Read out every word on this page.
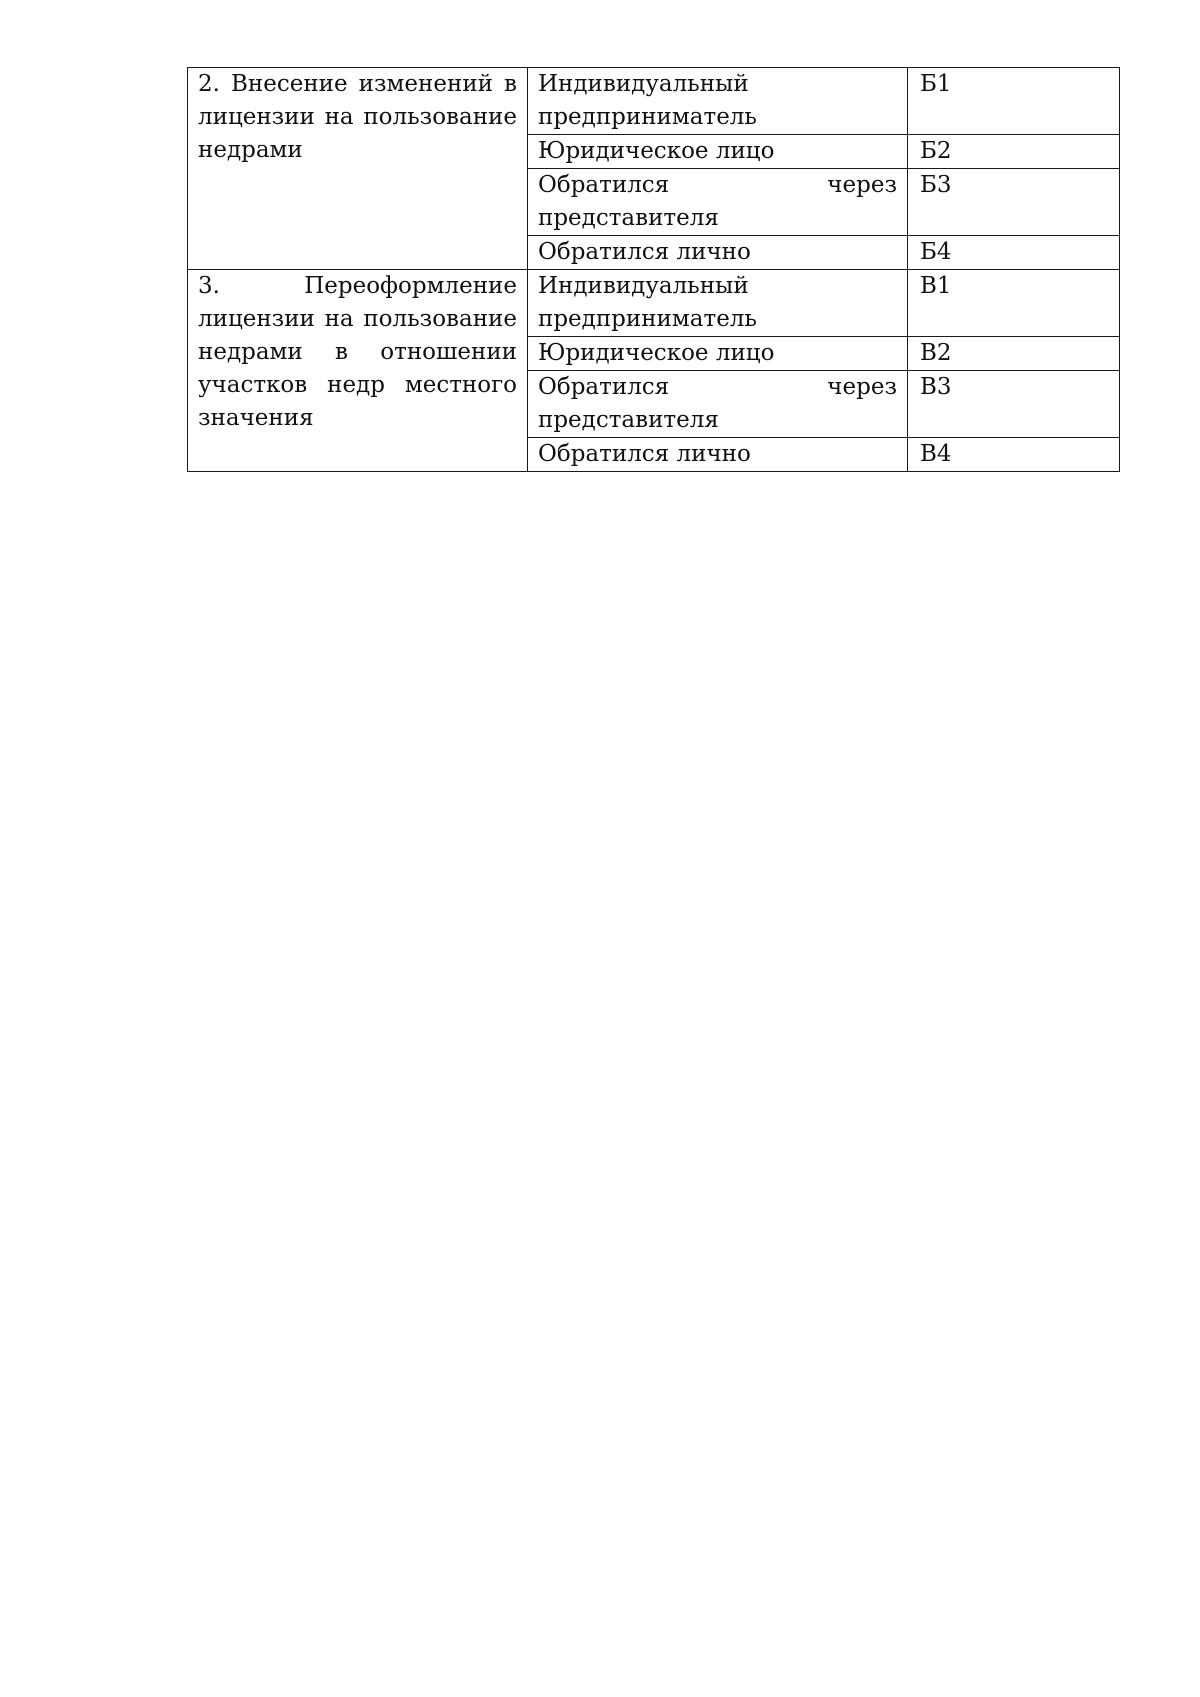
2. Внесение изменений в лицензии на пользование недрами	Индивидуальный предприниматель	Б1
	Юридическое лицо	Б2

	Обратился через представителя	Б3
	Обратился лично	Б4
3. Переоформление лицензии на пользование недрами в отношении участков недр местного значения	Индивидуальный предприниматель	В1
	Юридическое лицо	В2

	Обратился через представителя	В3
	Обратился лично	В4
